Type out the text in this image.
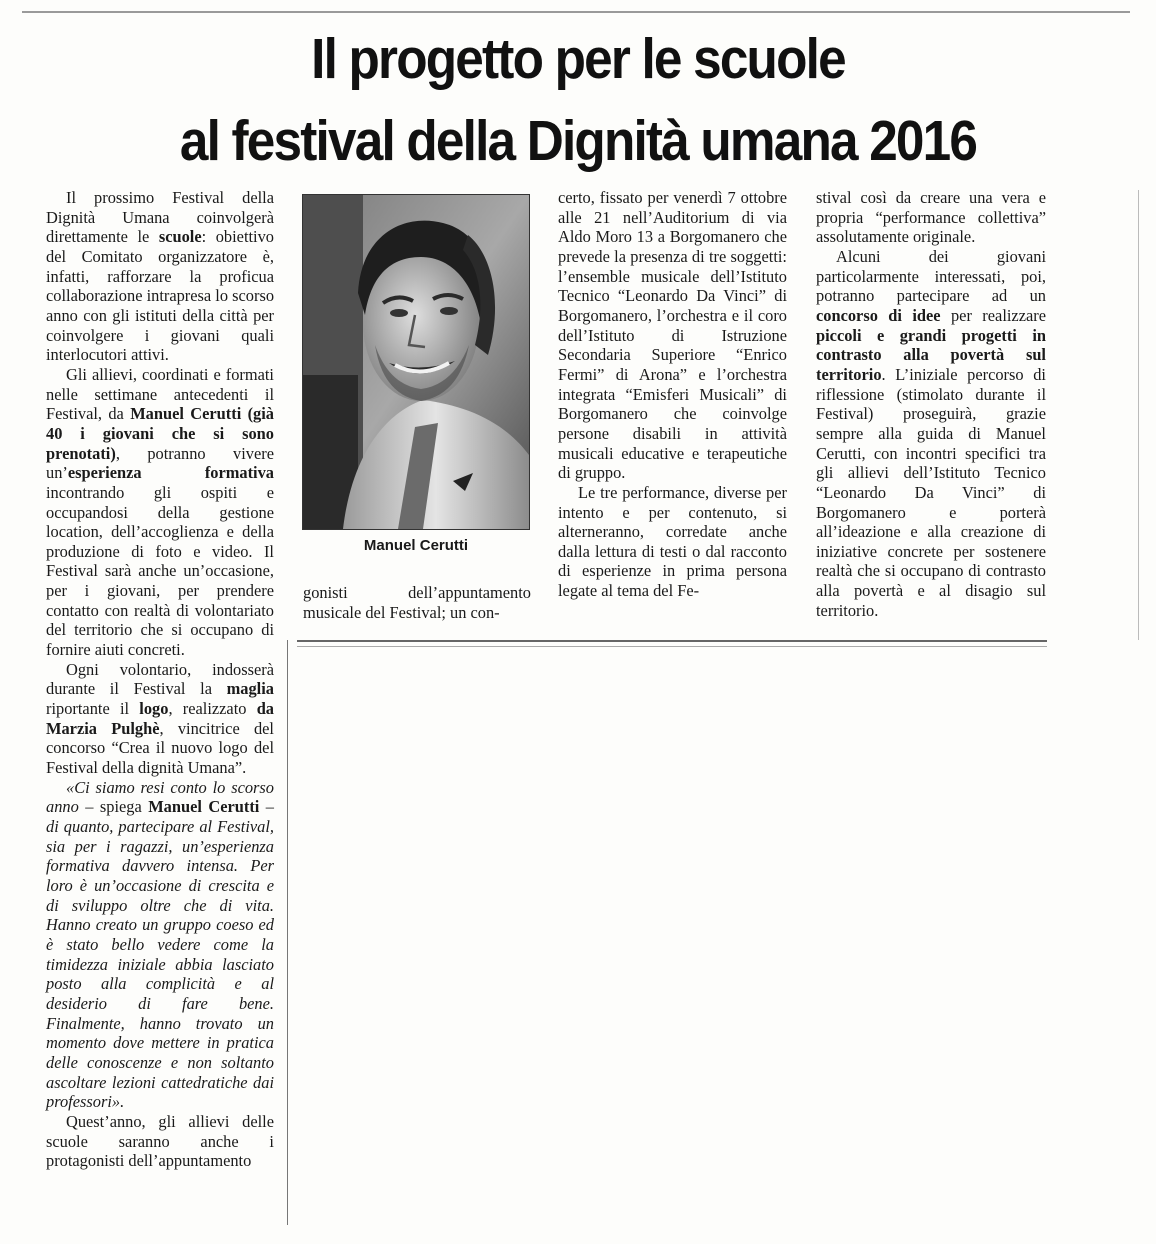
Il progetto per le scuole
al festival della Dignità umana 2016

Il prossimo Festival della Dignità Umana coinvolgerà direttamente le scuole: obiettivo del Comitato organizzatore è, infatti, rafforzare la proficua collaborazione intrapresa lo scorso anno con gli istituti della città per coinvolgere i giovani quali interlocutori attivi.

Gli allievi, coordinati e formati nelle settimane antecedenti il Festival, da Manuel Cerutti (già 40 i giovani che si sono prenotati), potranno vivere un’esperienza formativa incontrando gli ospiti e occupandosi della gestione location, dell’accoglienza e della produzione di foto e video. Il Festival sarà anche un’occasione, per i giovani, per prendere contatto con realtà di volontariato del territorio che si occupano di fornire aiuti concreti.

Ogni volontario, indosserà durante il Festival la maglia riportante il logo, realizzato da Marzia Pulghè, vincitrice del concorso “Crea il nuovo logo del Festival della dignità Umana”.

«Ci siamo resi conto lo scorso anno – spiega Manuel Cerutti – di quanto, partecipare al Festival, sia per i ragazzi, un’esperienza formativa davvero intensa. Per loro è un’occasione di crescita e di sviluppo oltre che di vita. Hanno creato un gruppo coeso ed è stato bello vedere come la timidezza iniziale abbia lasciato posto alla complicità e al desiderio di fare bene. Finalmente, hanno trovato un momento dove mettere in pratica delle conoscenze e non soltanto ascoltare lezioni cattedratiche dai professori».

Quest’anno, gli allievi delle scuole saranno anche i protagonisti dell’appuntamento

Manuel Cerutti

gonisti dell’appuntamento musicale del Festival; un con-

certo, fissato per venerdì 7 ottobre alle 21 nell’Auditorium di via Aldo Moro 13 a Borgomanero che prevede la presenza di tre soggetti: l’ensemble musicale dell’Istituto Tecnico “Leonardo Da Vinci” di Borgomanero, l’orchestra e il coro dell’Istituto di Istruzione Secondaria Superiore “Enrico Fermi” di Arona” e l’orchestra integrata “Emisferi Musicali” di Borgomanero che coinvolge persone disabili in attività musicali educative e terapeutiche di gruppo.

Le tre performance, diverse per intento e per contenuto, si alterneranno, corredate anche dalla lettura di testi o dal racconto di esperienze in prima persona legate al tema del Fe-

stival così da creare una vera e propria “performance collettiva” assolutamente originale.

Alcuni dei giovani particolarmente interessati, poi, potranno partecipare ad un concorso di idee per realizzare piccoli e grandi progetti in contrasto alla povertà sul territorio. L’iniziale percorso di riflessione (stimolato durante il Festival) proseguirà, grazie sempre alla guida di Manuel Cerutti, con incontri specifici tra gli allievi dell’Istituto Tecnico “Leonardo Da Vinci” di Borgomanero e porterà all’ideazione e alla creazione di iniziative concrete per sostenere realtà che si occupano di contrasto alla povertà e al disagio sul territorio.
